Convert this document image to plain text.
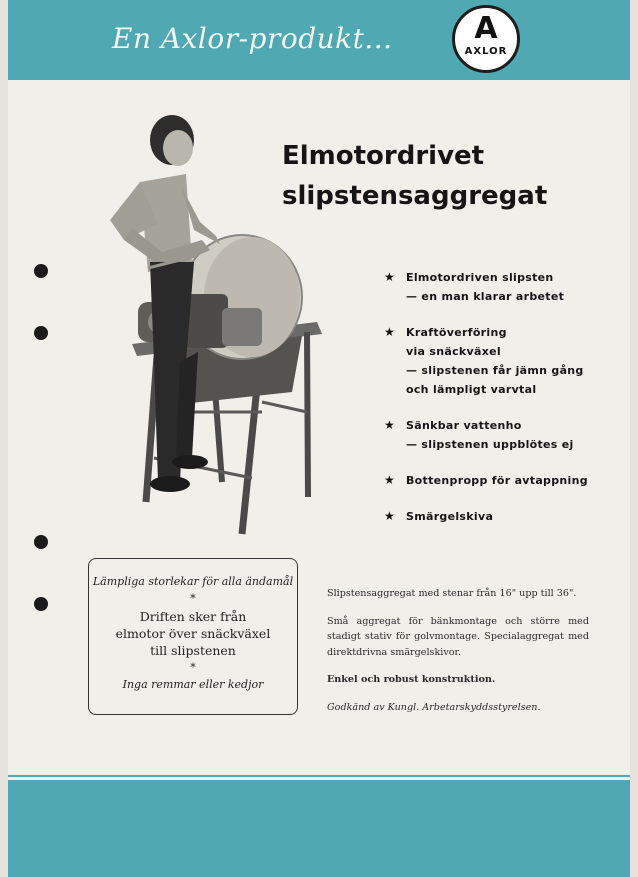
En Axlor-produkt...	A
AXLOR
Elmotordrivet
slipstensaggregat
★ Elmotordriven slipsten
— en man klarar arbetet
★ Kraftöverföring
via snäckväxel
— slipstenen får jämn gång
och lämpligt varvtal
★ Sänkbar vattenho
— slipstenen uppblötes ej
★ Bottenpropp för avtappning
★ Smärgelskiva
Lämpliga storlekar för alla ändamål
*
Driften sker från
elmotor över snäckväxel
till slipstenen
*
Inga remmar eller kedjor

Slipstensaggregat med stenar från 16" upp till 36".

Små aggregat för bänkmontage och större med stadigt stativ för golvmontage. Specialaggregat med direktdrivna smärgelskivor.

Enkel och robust konstruktion.

Godkänd av Kungl. Arbetarskyddsstyrelsen.
